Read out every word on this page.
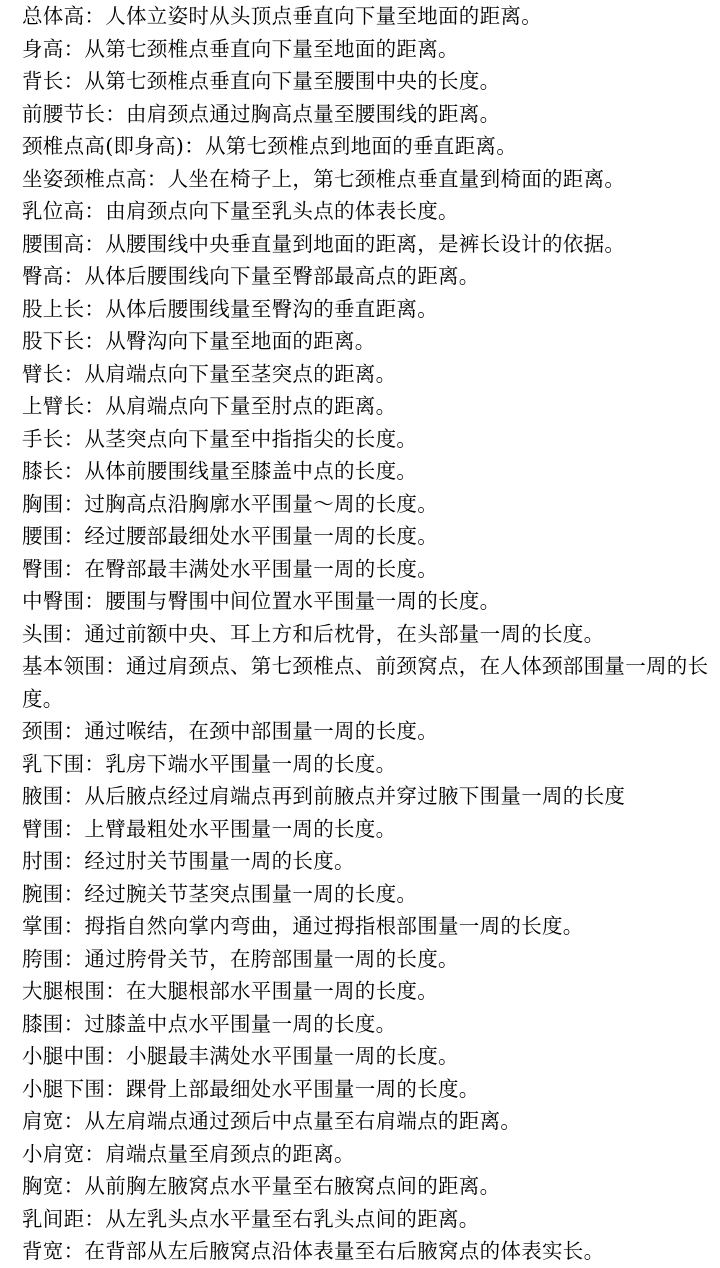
总体高：人体立姿时从头顶点垂直向下量至地面的距离。
身高：从第七颈椎点垂直向下量至地面的距离。
背长：从第七颈椎点垂直向下量至腰围中央的长度。
前腰节长：由肩颈点通过胸高点量至腰围线的距离。
颈椎点高(即身高)：从第七颈椎点到地面的垂直距离。
坐姿颈椎点高：人坐在椅子上，第七颈椎点垂直量到椅面的距离。
乳位高：由肩颈点向下量至乳头点的体表长度。
腰围高：从腰围线中央垂直量到地面的距离，是裤长设计的依据。
臀高：从体后腰围线向下量至臀部最高点的距离。
股上长：从体后腰围线量至臀沟的垂直距离。
股下长：从臀沟向下量至地面的距离。
臂长：从肩端点向下量至茎突点的距离。
上臂长：从肩端点向下量至肘点的距离。
手长：从茎突点向下量至中指指尖的长度。
膝长：从体前腰围线量至膝盖中点的长度。
胸围：过胸高点沿胸廓水平围量～周的长度。
腰围：经过腰部最细处水平围量一周的长度。
臀围：在臀部最丰满处水平围量一周的长度。
中臀围：腰围与臀围中间位置水平围量一周的长度。
头围：通过前额中央、耳上方和后枕骨，在头部量一周的长度。
基本领围：通过肩颈点、第七颈椎点、前颈窝点，在人体颈部围量一周的长度。
颈围：通过喉结，在颈中部围量一周的长度。
乳下围：乳房下端水平围量一周的长度。
腋围：从后腋点经过肩端点再到前腋点并穿过腋下围量一周的长度
臂围：上臂最粗处水平围量一周的长度。
肘围：经过肘关节围量一周的长度。
腕围：经过腕关节茎突点围量一周的长度。
掌围：拇指自然向掌内弯曲，通过拇指根部围量一周的长度。
胯围：通过胯骨关节，在胯部围量一周的长度。
大腿根围：在大腿根部水平围量一周的长度。
膝围：过膝盖中点水平围量一周的长度。
小腿中围：小腿最丰满处水平围量一周的长度。
小腿下围：踝骨上部最细处水平围量一周的长度。
肩宽：从左肩端点通过颈后中点量至右肩端点的距离。
小肩宽：肩端点量至肩颈点的距离。
胸宽：从前胸左腋窝点水平量至右腋窝点间的距离。
乳间距：从左乳头点水平量至右乳头点间的距离。
背宽：在背部从左后腋窝点沿体表量至右后腋窝点的体表实长。
